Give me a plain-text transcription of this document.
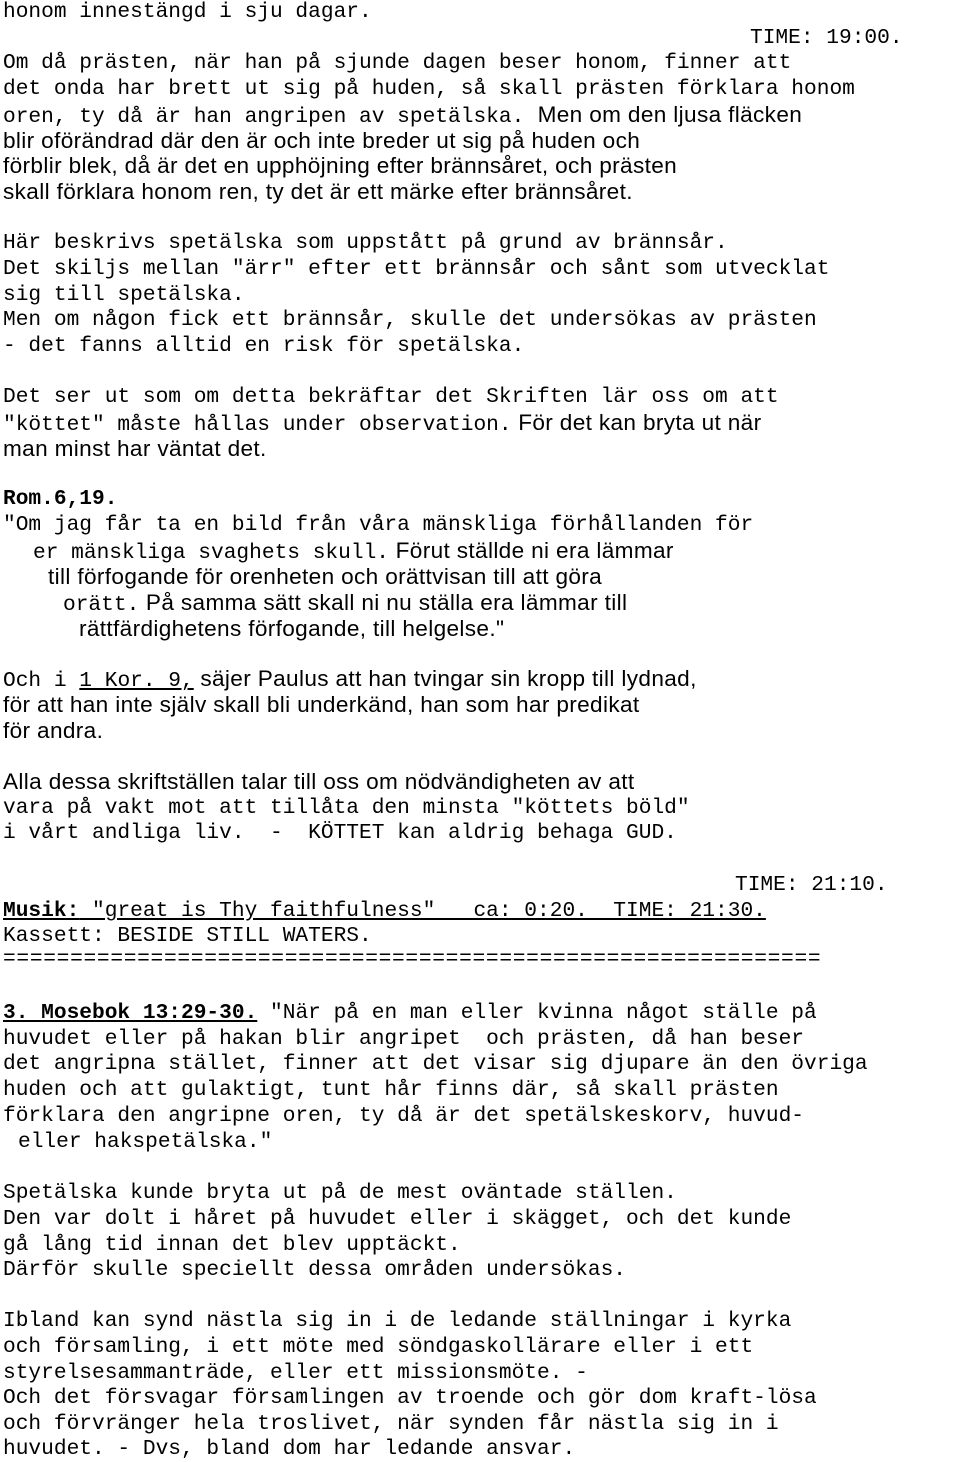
honom innestängd i sju dagar.
TIME: 19:00.
Om då prästen, när han på sjunde dagen beser honom, finner att
det onda har brett ut sig på huden, så skall prästen förklara honom
oren, ty då är han angripen av spetälska.  Men om den ljusa fläcken
blir oförändrad där den är och inte breder ut sig på huden och
förblir blek, då är det en upphöjning efter brännsåret, och prästen
skall förklara honom ren, ty det är ett märke efter brännsåret.
Här beskrivs spetälska som uppstått på grund av brännsår.
Det skiljs mellan "ärr" efter ett brännsår och sånt som utvecklat
sig till spetälska.
Men om någon fick ett brännsår, skulle det undersökas av prästen
- det fanns alltid en risk för spetälska.
Det ser ut som om detta bekräftar det Skriften lär oss om att
"köttet" måste hållas under observation. För det kan bryta ut när
man minst har väntat det.
Rom.6,19.
"Om jag får ta en bild från våra mänskliga förhållanden för
er mänskliga svaghets skull. Förut ställde ni era lämmar
till förfogande för orenheten och orättvisan till att göra
orätt. På samma sätt skall ni nu ställa era lämmar till
rättfärdighetens förfogande, till helgelse."
Och i 1 Kor. 9, säjer Paulus att han tvingar sin kropp till lydnad,
för att han inte själv skall bli underkänd, han som har predikat
för andra.
Alla dessa skriftställen talar till oss om nödvändigheten av att
vara på vakt mot att tillåta den minsta "köttets böld"
i vårt andliga liv.  -  KÖTTET kan aldrig behaga GUD.
TIME: 21:10.
Musik: "great is Thy faithfulness"   ca: 0:20.  TIME: 21:30.
Kassett: BESIDE STILL WATERS.
=============================================================
3. Mosebok 13:29-30. "När på en man eller kvinna något ställe på
huvudet eller på hakan blir angripet  och prästen, då han beser
det angripna stället, finner att det visar sig djupare än den övriga
huden och att gulaktigt, tunt hår finns där, så skall prästen
förklara den angripne oren, ty då är det spetälskeskorv, huvud-
eller hakspetälska."
Spetälska kunde bryta ut på de mest oväntade ställen.
Den var dolt i håret på huvudet eller i skägget, och det kunde
gå lång tid innan det blev upptäckt.
Därför skulle speciellt dessa områden undersökas.
Ibland kan synd nästla sig in i de ledande ställningar i kyrka
och församling, i ett möte med söndgaskollärare eller i ett
styrelsesammanträde, eller ett missionsmöte. -
Och det försvagar församlingen av troende och gör dom kraft-lösa
och förvränger hela troslivet, när synden får nästla sig in i
huvudet. - Dvs, bland dom har ledande ansvar.
